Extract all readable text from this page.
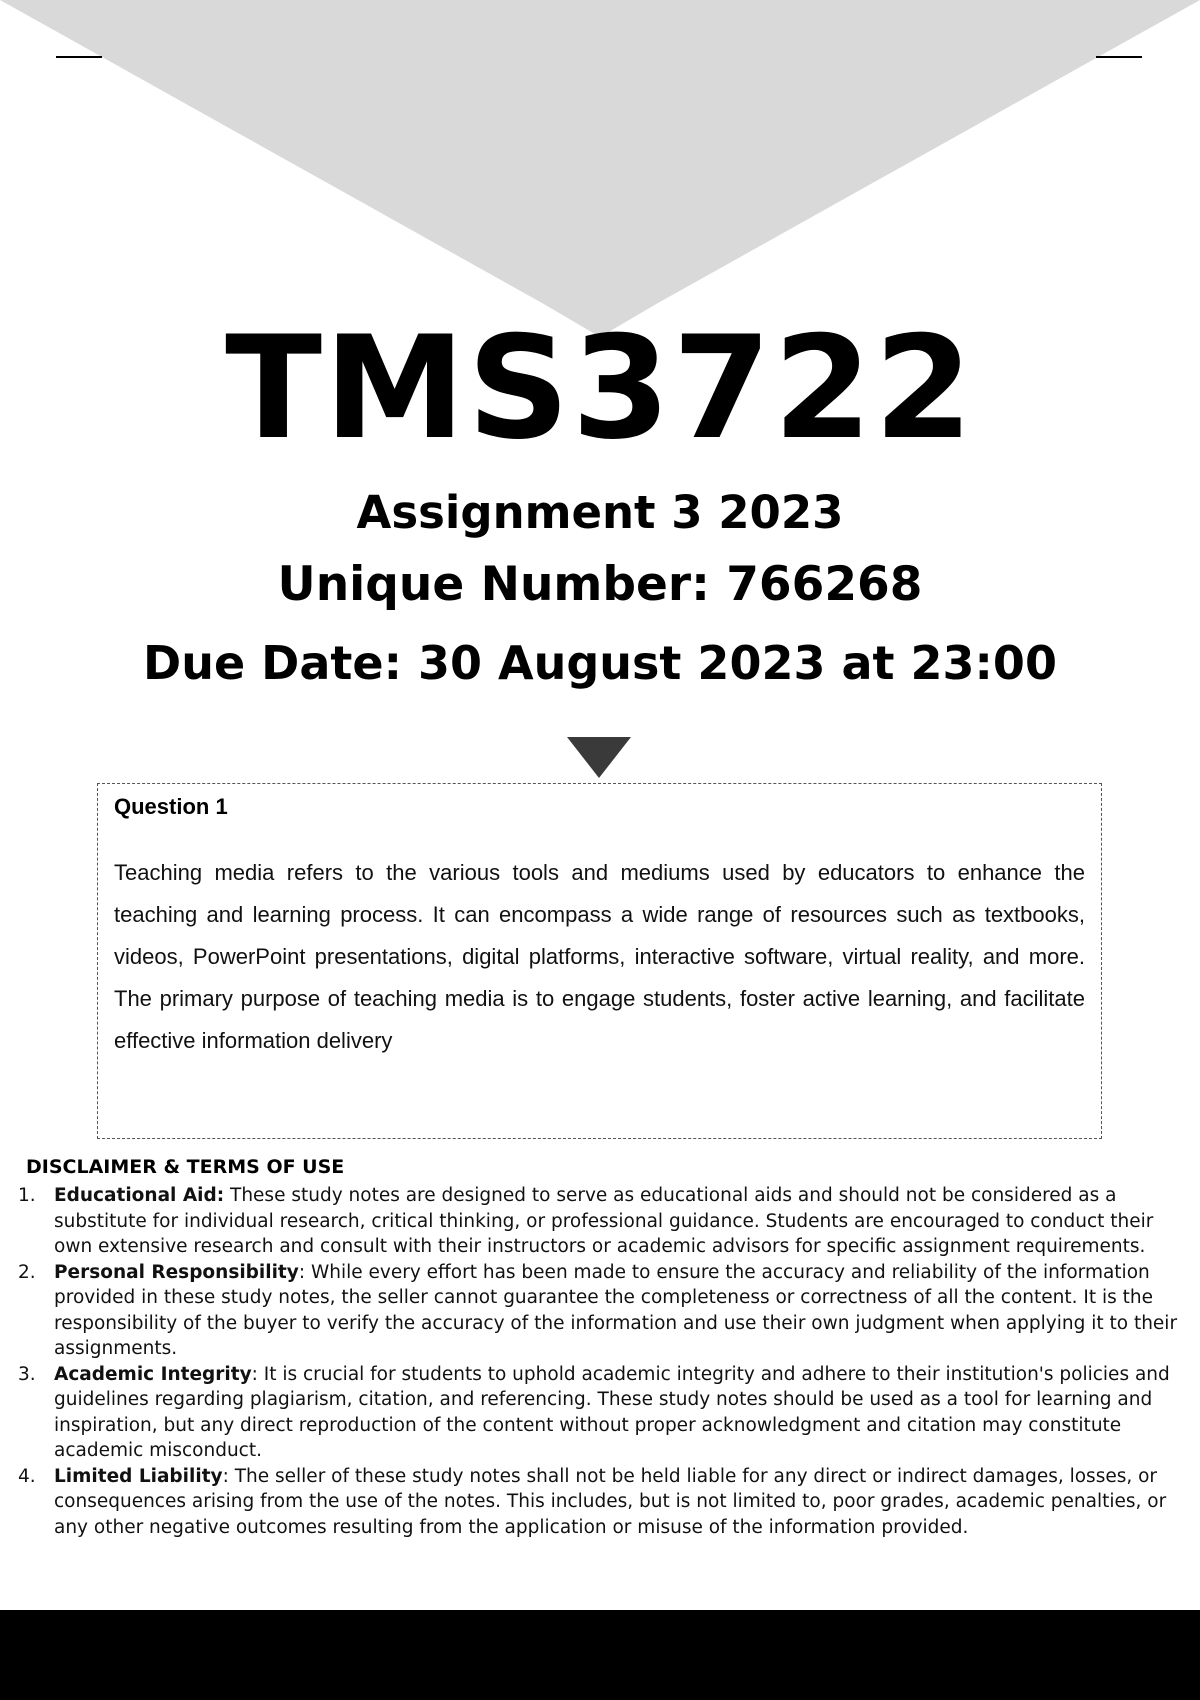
TMS3722
Assignment 3 2023
Unique Number: 766268
Due Date: 30 August 2023 at 23:00
Question 1
Teaching media refers to the various tools and mediums used by educators to enhance the teaching and learning process. It can encompass a wide range of resources such as textbooks, videos, PowerPoint presentations, digital platforms, interactive software, virtual reality, and more. The primary purpose of teaching media is to engage students, foster active learning, and facilitate effective information delivery
DISCLAIMER & TERMS OF USE
1. Educational Aid: These study notes are designed to serve as educational aids and should not be considered as a substitute for individual research, critical thinking, or professional guidance. Students are encouraged to conduct their own extensive research and consult with their instructors or academic advisors for specific assignment requirements.
2. Personal Responsibility: While every effort has been made to ensure the accuracy and reliability of the information provided in these study notes, the seller cannot guarantee the completeness or correctness of all the content. It is the responsibility of the buyer to verify the accuracy of the information and use their own judgment when applying it to their assignments.
3. Academic Integrity: It is crucial for students to uphold academic integrity and adhere to their institution's policies and guidelines regarding plagiarism, citation, and referencing. These study notes should be used as a tool for learning and inspiration, but any direct reproduction of the content without proper acknowledgment and citation may constitute academic misconduct.
4. Limited Liability: The seller of these study notes shall not be held liable for any direct or indirect damages, losses, or consequences arising from the use of the notes. This includes, but is not limited to, poor grades, academic penalties, or any other negative outcomes resulting from the application or misuse of the information provided.
